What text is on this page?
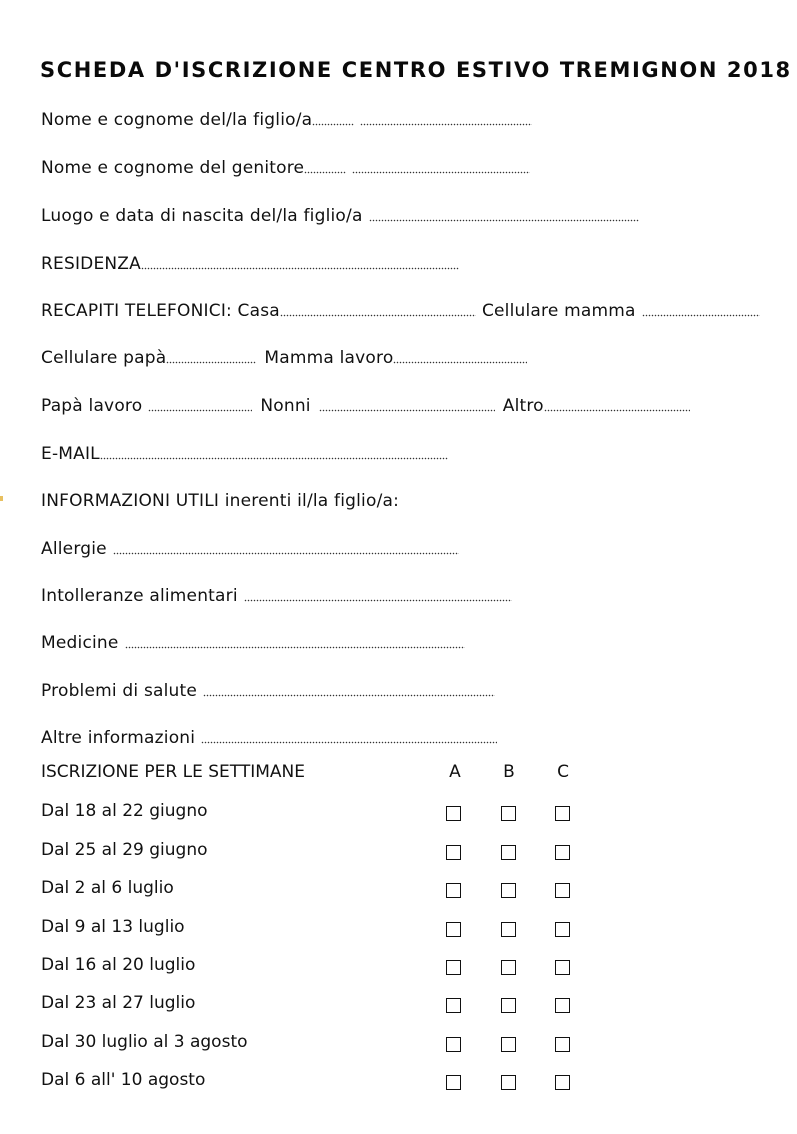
SCHEDA D'ISCRIZIONE CENTRO ESTIVO TREMIGNON 2018
Nome e cognome del/la figlio/a
Nome e cognome del genitore
Luogo e data di nascita del/la figlio/a
RESIDENZA
RECAPITI TELEFONICI: Casa	Cellulare mamma
Cellulare papà	Mamma lavoro
Papà lavoro	Nonni	Altro
E-MAIL
INFORMAZIONI UTILI inerenti il/la figlio/a:
Allergie
Intolleranze alimentari
Medicine
Problemi di salute
Altre informazioni
ISCRIZIONE PER LE SETTIMANE	A B C
Dal 18 al 22 giugno
Dal 25 al 29 giugno
Dal 2 al 6 luglio
Dal 9 al 13 luglio
Dal 16 al 20 luglio
Dal 23 al 27 luglio
Dal 30 luglio al 3 agosto
Dal 6 all' 10 agosto
